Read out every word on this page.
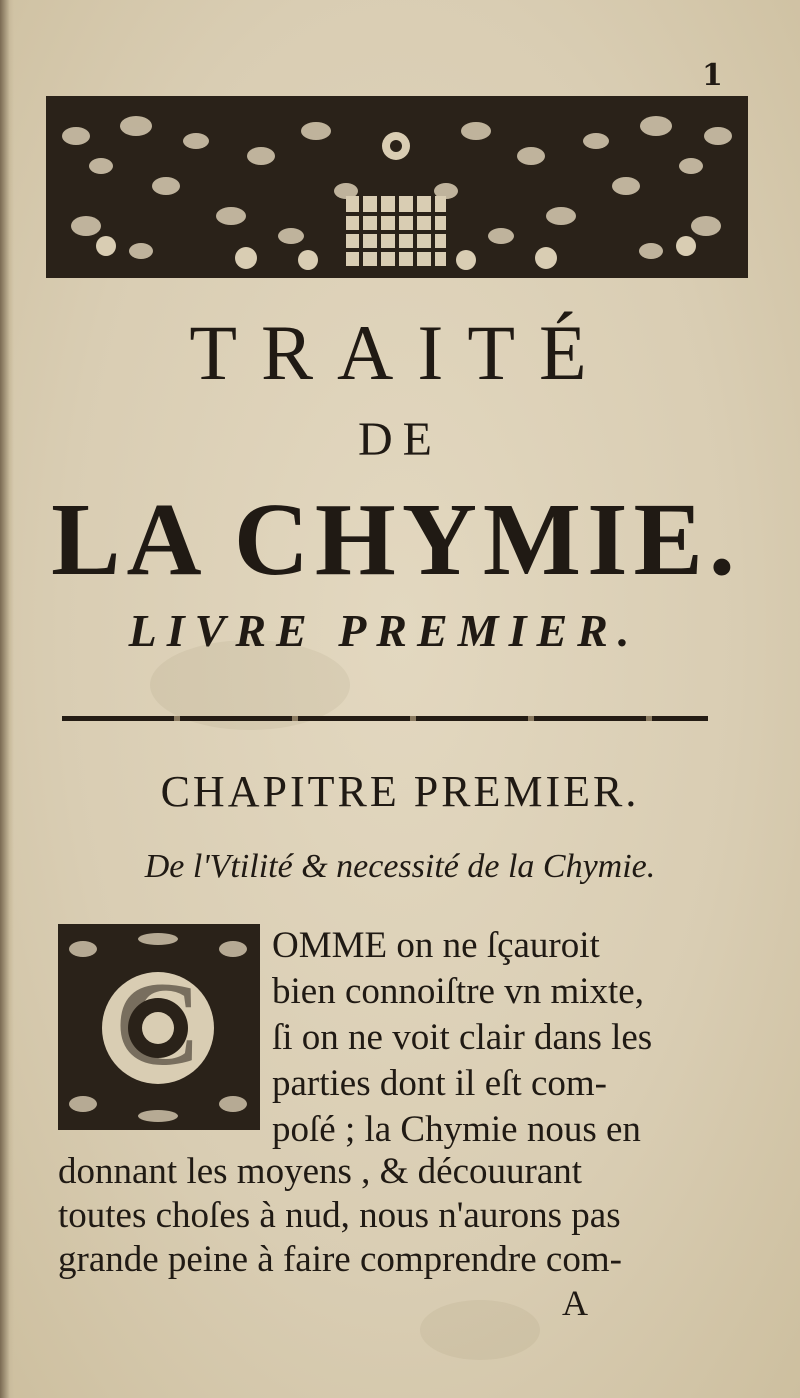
1
TRAITÉ
DE
LA CHYMIE.
LIVRE PREMIER.
CHAPITRE PREMIER.
De l'Vtilité & necessité de la Chymie.
C
OMME on ne ſçauroit
bien connoiſtre vn mixte,
ſi on ne voit clair dans les
parties dont il eſt com-
poſé ; la Chymie nous en
donnant les moyens , & découurant
toutes choſes à nud, nous n'aurons pas
grande peine à faire comprendre com-
A
